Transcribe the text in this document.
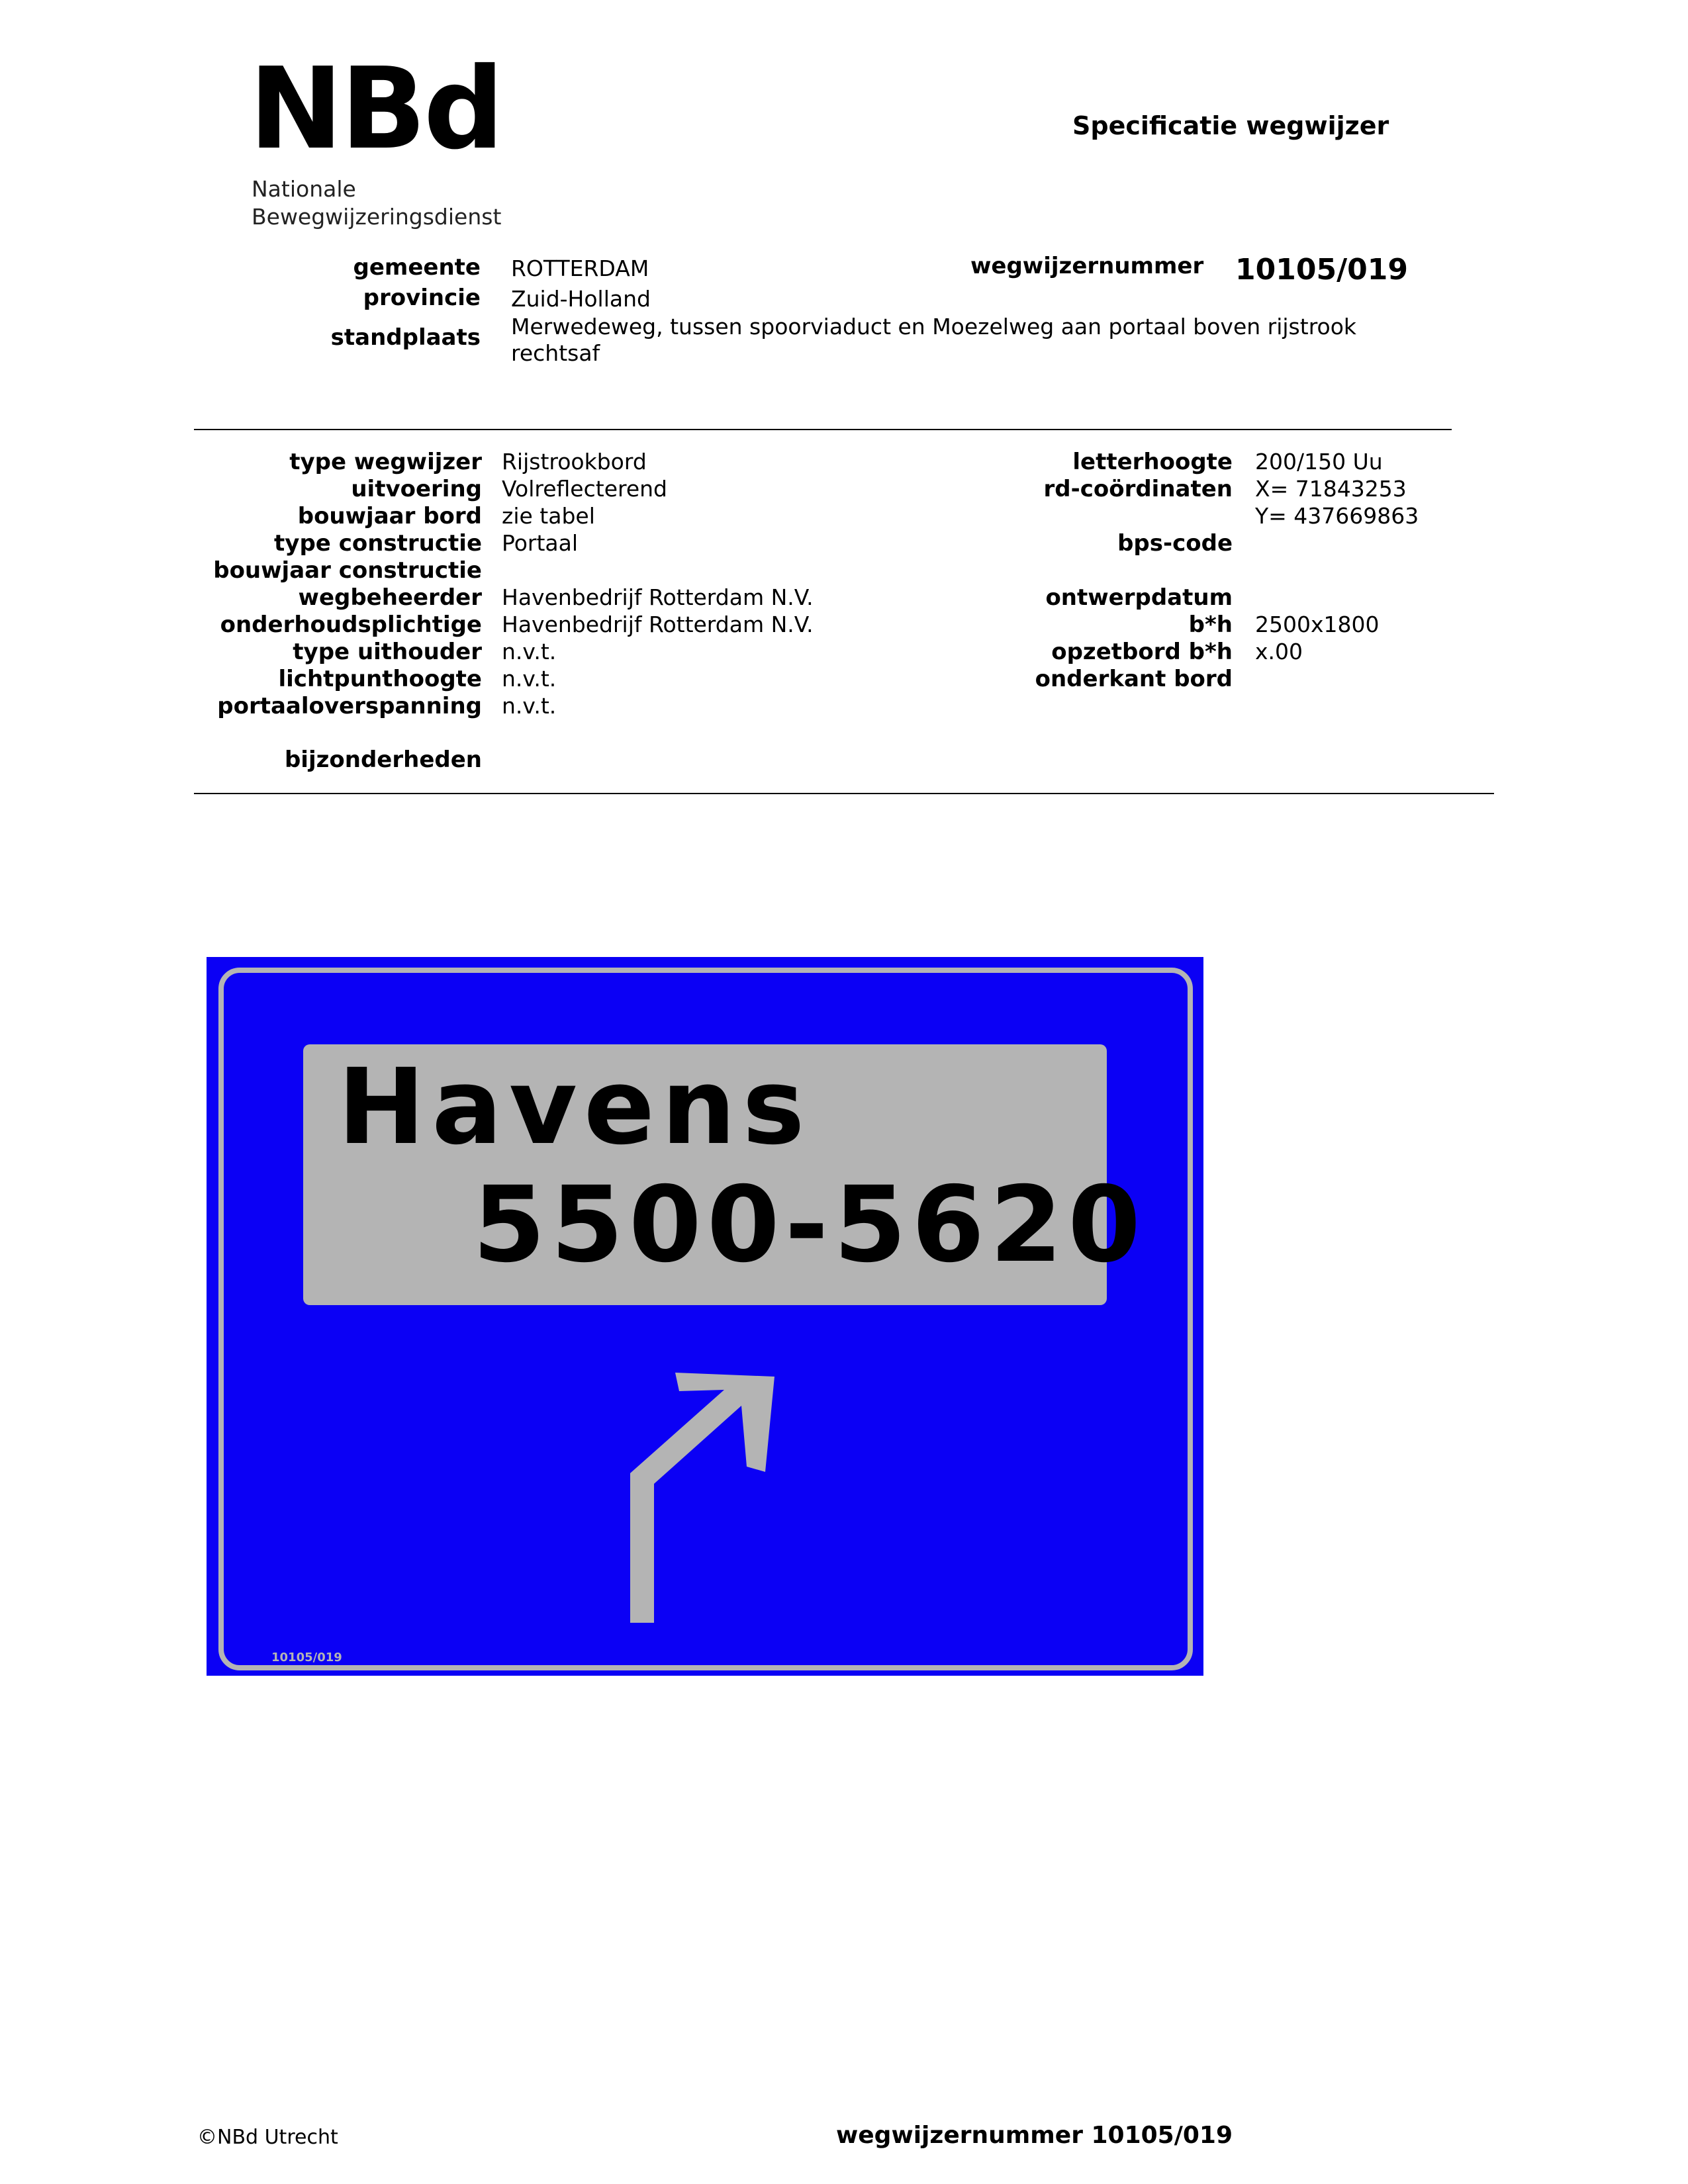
NBd
Nationale
Bewegwijzeringsdienst
Specificatie wegwijzer
gemeente ROTTERDAM
provincie Zuid-Holland
standplaats Merwedeweg, tussen spoorviaduct en Moezelweg aan portaal boven rijstrook
rechtsaf
wegwijzernummer 10105/019
type wegwijzer Rijstrookbord
uitvoering Volreflecterend
bouwjaar bord zie tabel
type constructie Portaal
bouwjaar constructie
wegbeheerder Havenbedrijf Rotterdam N.V.
onderhoudsplichtige Havenbedrijf Rotterdam N.V.
type uithouder n.v.t.
lichtpunthoogte n.v.t.
portaaloverspanning n.v.t.
bijzonderheden
letterhoogte 200/150 Uu
rd-coördinaten X= 71843253
Y= 437669863
bps-code
ontwerpdatum
b*h 2500x1800
opzetbord b*h x.00
onderkant bord
Havens
5500-5620
10105/019
©NBd Utrecht	wegwijzernummer 10105/019
